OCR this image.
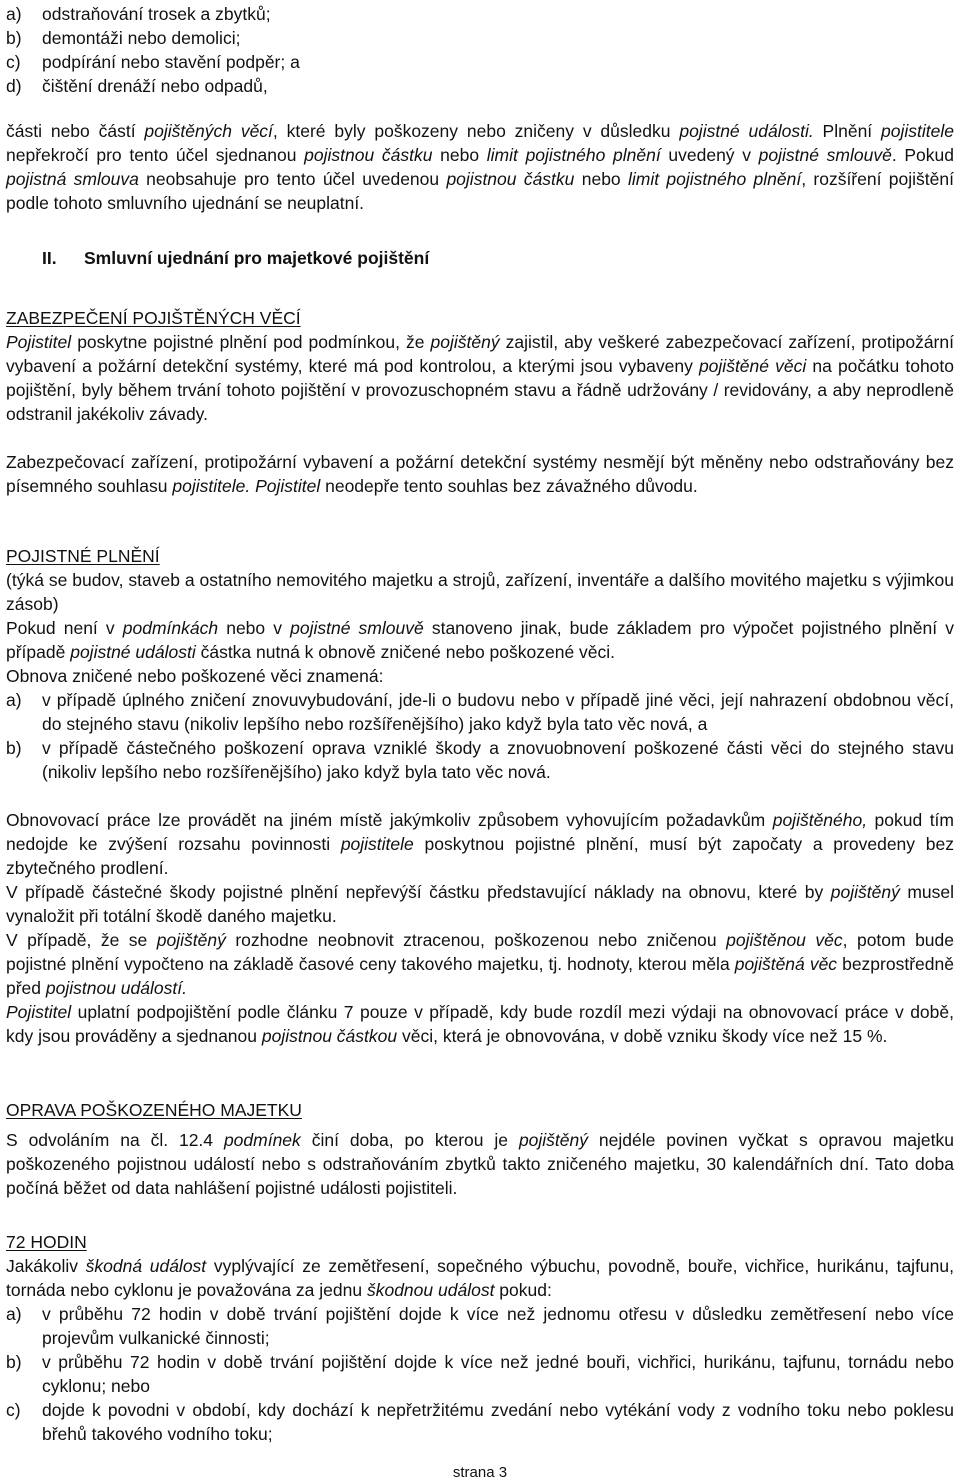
a) odstraňování trosek a zbytků;
b) demontáži nebo demolici;
c) podpírání nebo stavění podpěr; a
d) čištění drenáží nebo odpadů,

části nebo částí pojištěných věcí, které byly poškozeny nebo zničeny v důsledku pojistné události. Plnění pojistitele nepřekročí pro tento účel sjednanou pojistnou částku nebo limit pojistného plnění uvedený v pojistné smlouvě. Pokud pojistná smlouva neobsahuje pro tento účel uvedenou pojistnou částku nebo limit pojistného plnění, rozšíření pojištění podle tohoto smluvního ujednání se neuplatní.

II. Smluvní ujednání pro majetkové pojištění
ZABEZPEČENÍ POJIŠTĚNÝCH VĚCÍ

Pojistitel poskytne pojistné plnění pod podmínkou, že pojištěný zajistil, aby veškeré zabezpečovací zařízení, protipožární vybavení a požární detekční systémy, které má pod kontrolou, a kterými jsou vybaveny pojištěné věci na počátku tohoto pojištění, byly během trvání tohoto pojištění v provozuschopném stavu a řádně udržovány / revidovány, a aby neprodleně odstranil jakékoliv závady.

Zabezpečovací zařízení, protipožární vybavení a požární detekční systémy nesmějí být měněny nebo odstraňovány bez písemného souhlasu pojistitele. Pojistitel neodepře tento souhlas bez závažného důvodu.

POJISTNÉ PLNĚNÍ

(týká se budov, staveb a ostatního nemovitého majetku a strojů, zařízení, inventáře a dalšího movitého majetku s výjimkou zásob)

Pokud není v podmínkách nebo v pojistné smlouvě stanoveno jinak, bude základem pro výpočet pojistného plnění v případě pojistné události částka nutná k obnově zničené nebo poškozené věci.

Obnova zničené nebo poškozené věci znamená:

a) v případě úplného zničení znovuvybudování, jde-li o budovu nebo v případě jiné věci, její nahrazení obdobnou věcí, do stejného stavu (nikoliv lepšího nebo rozšířenějšího) jako když byla tato věc nová, a
b) v případě částečného poškození oprava vzniklé škody a znovuobnovení poškozené části věci do stejného stavu (nikoliv lepšího nebo rozšířenějšího) jako když byla tato věc nová.

Obnovovací práce lze provádět na jiném místě jakýmkoliv způsobem vyhovujícím požadavkům pojištěného, pokud tím nedojde ke zvýšení rozsahu povinnosti pojistitele poskytnou pojistné plnění, musí být započaty a provedeny bez zbytečného prodlení.

V případě částečné škody pojistné plnění nepřevýší částku představující náklady na obnovu, které by pojištěný musel vynaložit při totální škodě daného majetku.

V případě, že se pojištěný rozhodne neobnovit ztracenou, poškozenou nebo zničenou pojištěnou věc, potom bude pojistné plnění vypočteno na základě časové ceny takového majetku, tj. hodnoty, kterou měla pojištěná věc bezprostředně před pojistnou událostí.

Pojistitel uplatní podpojištění podle článku 7 pouze v případě, kdy bude rozdíl mezi výdaji na obnovovací práce v době, kdy jsou prováděny a sjednanou pojistnou částkou věci, která je obnovována, v době vzniku škody více než 15 %.

OPRAVA POŠKOZENÉHO MAJETKU

S odvoláním na čl. 12.4 podmínek činí doba, po kterou je pojištěný nejdéle povinen vyčkat s opravou majetku poškozeného pojistnou událostí nebo s odstraňováním zbytků takto zničeného majetku, 30 kalendářních dní. Tato doba počíná běžet od data nahlášení pojistné události pojistiteli.

72 HODIN

Jakákoliv škodná událost vyplývající ze zemětřesení, sopečného výbuchu, povodně, bouře, vichřice, hurikánu, tajfunu, tornáda nebo cyklonu je považována za jednu škodnou událost pokud:

a) v průběhu 72 hodin v době trvání pojištění dojde k více než jednomu otřesu v důsledku zemětřesení nebo více projevům vulkanické činnosti;
b) v průběhu 72 hodin v době trvání pojištění dojde k více než jedné bouři, vichřici, hurikánu, tajfunu, tornádu nebo cyklonu; nebo
c) dojde k povodni v období, kdy dochází k nepřetržitému zvedání nebo vytékání vody z vodního toku nebo poklesu břehů takového vodního toku;
strana 3
